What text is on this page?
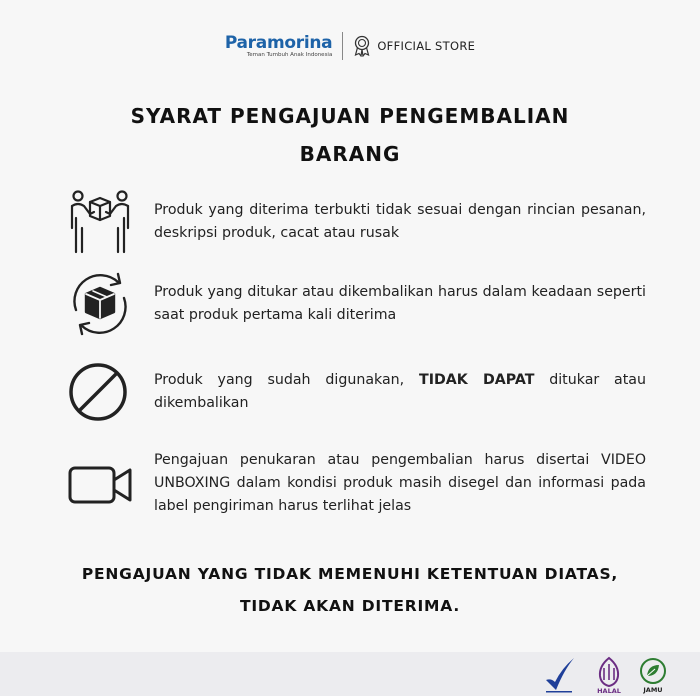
Paramorina
Teman Tumbuh Anak Indonesia
OFFICIAL STORE
SYARAT PENGAJUAN PENGEMBALIAN
BARANG
Produk yang diterima terbukti tidak sesuai dengan rincian pesanan, deskripsi produk, cacat atau rusak
Produk yang ditukar atau dikembalikan harus dalam keadaan seperti saat produk pertama kali diterima
Produk yang sudah digunakan, TIDAK DAPAT ditukar atau dikembalikan
Pengajuan penukaran atau pengembalian harus disertai VIDEO UNBOXING dalam kondisi produk masih disegel dan informasi pada label pengiriman harus terlihat jelas
PENGAJUAN YANG TIDAK MEMENUHI KETENTUAN DIATAS,
TIDAK AKAN DITERIMA.
HALAL	JAMU
